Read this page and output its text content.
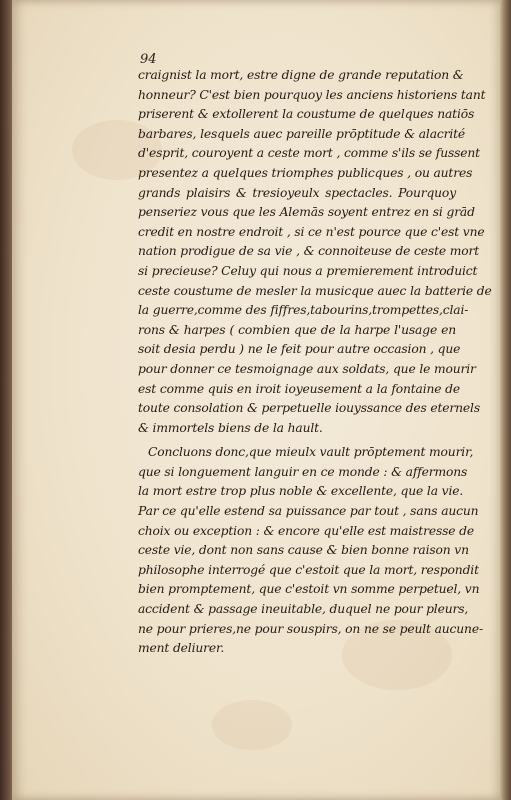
94

craignist la mort, estre digne de grande reputation &
honneur? C'est bien pourquoy les anciens historiens tant
priserent & extollerent la coustume de quelques natiōs
barbares, lesquels auec pareille prōptitude & alacrité
d'esprit, couroyent a ceste mort , comme s'ils se fussent
presentez a quelques triomphes publicques , ou autres
grands plaisirs & tresioyeulx spectacles. Pourquoy
penseriez vous que les Alemās soyent entrez en si grād
credit en nostre endroit , si ce n'est pource que c'est vne
nation prodigue de sa vie , & connoiteuse de ceste mort
si precieuse? Celuy qui nous a premierement introduict
ceste coustume de mesler la musicque auec la batterie de
la guerre,comme des fiffres,tabourins,trompettes,clai-
rons & harpes ( combien que de la harpe l'usage en
soit desia perdu ) ne le feit pour autre occasion , que
pour donner ce tesmoignage aux soldats, que le mourir
est comme quis en iroit ioyeusement a la fontaine de
toute consolation & perpetuelle iouyssance des eternels
& immortels biens de la hault.
Concluons donc,que mieulx vault prōptement mourir,
que si longuement languir en ce monde : & affermons
la mort estre trop plus noble & excellente, que la vie.
Par ce qu'elle estend sa puissance par tout , sans aucun
choix ou exception : & encore qu'elle est maistresse de
ceste vie, dont non sans cause & bien bonne raison vn
philosophe interrogé que c'estoit que la mort, respondit
bien promptement, que c'estoit vn somme perpetuel, vn
accident & passage ineuitable, duquel ne pour pleurs,
ne pour prieres,ne pour souspirs, on ne se peult aucune-
ment deliurer.
